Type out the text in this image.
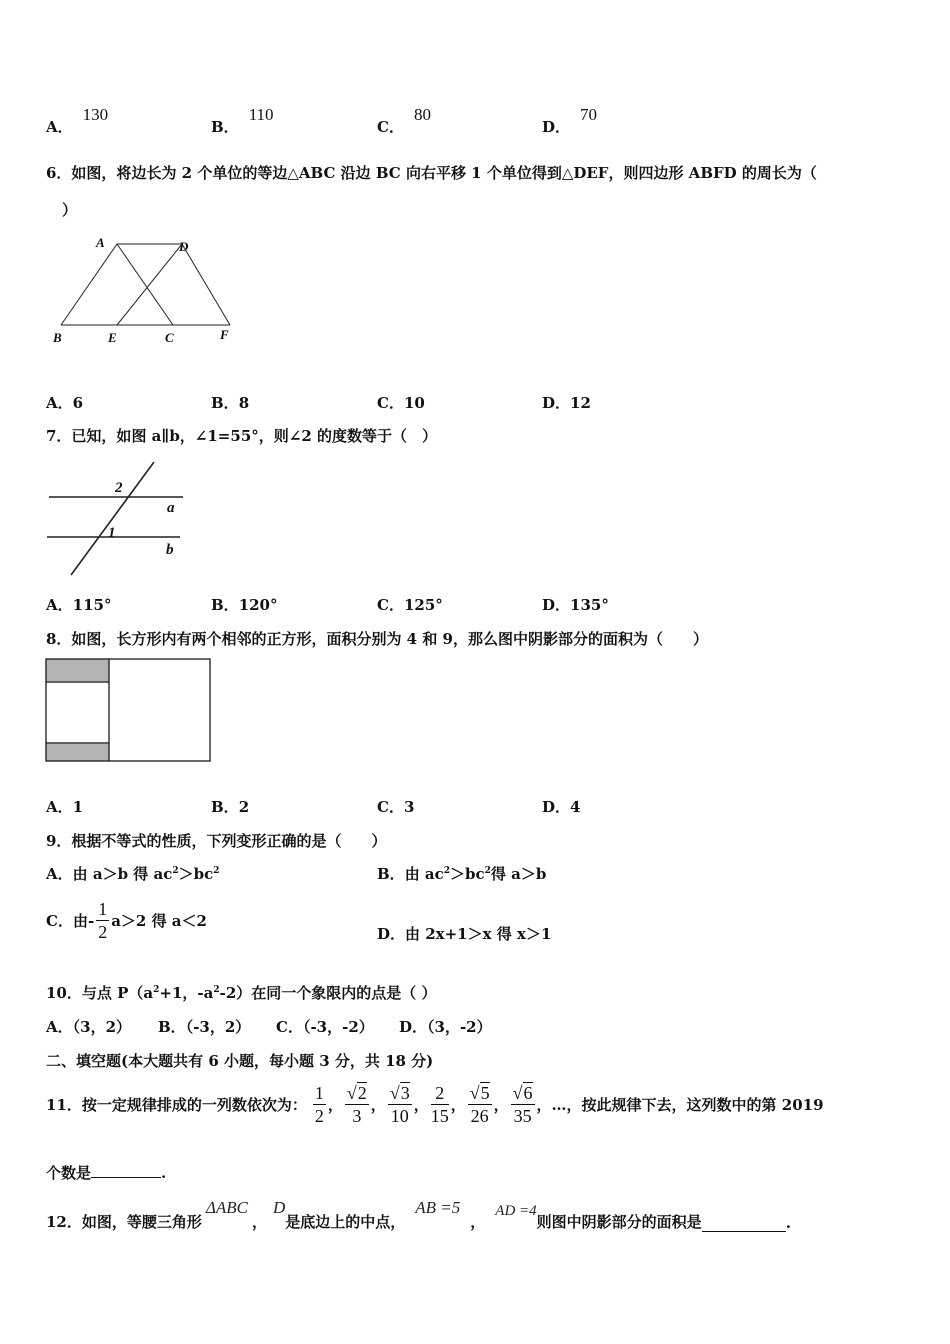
A．130
B．110
C．80
D．70
6．如图，将边长为 2 个单位的等边△ABC 沿边 BC 向右平移 1 个单位得到△DEF，则四边形 ABFD 的周长为（
）
A	D
B	E	C	F
A．6	B．8	C．10	D．12
7．已知，如图 a∥b，∠1=55°，则∠2 的度数等于（　）
2
1
a
b
A．115°	B．120°	C．125°	D．135°
8．如图，长方形内有两个相邻的正方形，面积分别为 4 和 9，那么图中阴影部分的面积为（　　）
A．1	B．2	C．3	D．4
9．根据不等式的性质，下列变形正确的是（　　）
A．由 a＞b 得 $ac^2>bc^2$	B．由 $ac^2>bc^2$得 a＞b
C． 由- $\frac{1}{2} a>2$ 得 a＜2
D．由 2x+1＞x 得 x＞1
10．与点 $P(a^2+1$，$-a^2-2$）在同一个象限内的点是（ ）
A．（3，2） B．（-3，2） C．（-3，-2） D．（3，-2）
二、填空题(本大题共有 6 小题，每小题 3 分，共 18 分)
11．按一定规律排成的一列数依次为： $\frac{1}{2}$ ， $\frac{√2}{3}$ ， $\frac{√3}{10}$ ， $\frac{2}{15}$ ， $\frac{√5}{26}$ ， $\frac{√6}{35}$ ，…，按此规律下去，这列数中的第 2019
个数是	.
12．如图，等腰三角形
ΔABC
，
D
是底边上的中点，
AB =5
，
AD =4
则图中阴影部分的面积是	.
